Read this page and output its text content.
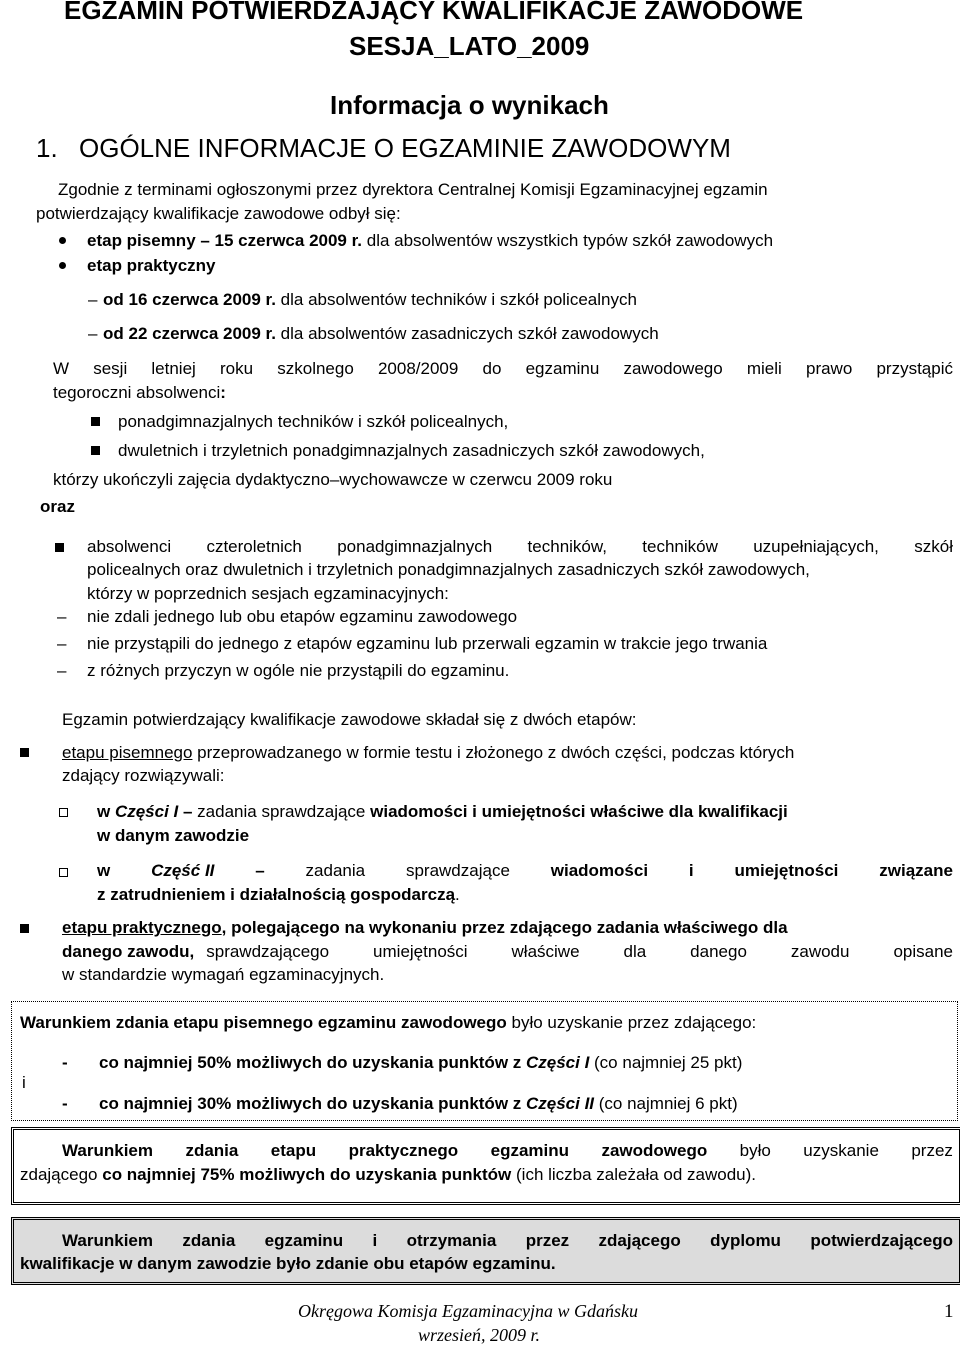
EGZAMIN POTWIERDZAJĄCY KWALIFIKACJE ZAWODOWE
SESJA_LATO_2009
Informacja o wynikach
1. OGÓLNE INFORMACJE O EGZAMINIE ZAWODOWYM
Zgodnie z terminami ogłoszonymi przez dyrektora Centralnej Komisji Egzaminacyjnej egzamin
potwierdzający kwalifikacje zawodowe odbył się:
etap pisemny – 15 czerwca 2009 r. dla absolwentów wszystkich typów szkół zawodowych
etap praktyczny
– od 16 czerwca 2009 r. dla absolwentów techników i szkół policealnych
– od 22 czerwca 2009 r. dla absolwentów zasadniczych szkół zawodowych
W sesji letniej roku szkolnego 2008/2009 do egzaminu zawodowego mieli prawo przystąpić
tegoroczni absolwenci:
ponadgimnazjalnych techników i szkół policealnych,
dwuletnich i trzyletnich ponadgimnazjalnych zasadniczych szkół zawodowych,
którzy ukończyli zajęcia dydaktyczno–wychowawcze w czerwcu 2009 roku
oraz
absolwenci czteroletnich ponadgimnazjalnych techników, techników uzupełniających, szkół
policealnych oraz dwuletnich i trzyletnich ponadgimnazjalnych zasadniczych szkół zawodowych,
którzy w poprzednich sesjach egzaminacyjnych:
– nie zdali jednego lub obu etapów egzaminu zawodowego
– nie przystąpili do jednego z etapów egzaminu lub przerwali egzamin w trakcie jego trwania
– z różnych przyczyn w ogóle nie przystąpili do egzaminu.
Egzamin potwierdzający kwalifikacje zawodowe składał się z dwóch etapów:
etapu pisemnego przeprowadzanego w formie testu i złożonego z dwóch części, podczas których
zdający rozwiązywali:
w Części I – zadania sprawdzające wiadomości i umiejętności właściwe dla kwalifikacji
w danym zawodzie
w Część II – zadania sprawdzające wiadomości i umiejętności związane
z zatrudnieniem i działalnością gospodarczą.
etapu praktycznego, polegającego na wykonaniu przez zdającego zadania właściwego dla
danego zawodu , sprawdzającego umiejętności właściwe dla danego zawodu opisane
w standardzie wymagań egzaminacyjnych.
Warunkiem zdania etapu pisemnego egzaminu zawodowego było uzyskanie przez zdającego:
i
- co najmniej 50% możliwych do uzyskania punktów z Części I (co najmniej 25 pkt)
- co najmniej 30% możliwych do uzyskania punktów z Części II (co najmniej 6 pkt)
Warunkiem zdania etapu praktycznego egzaminu zawodowego było uzyskanie przez
zdającego co najmniej 75% możliwych do uzyskania punktów (ich liczba zależała od zawodu).
Warunkiem zdania egzaminu i otrzymania przez zdającego dyplomu potwierdzającego
kwalifikacje w danym zawodzie było zdanie obu etapów egzaminu.
Okręgowa Komisja Egzaminacyjna w Gdańsku
wrzesień, 2009 r.
1
